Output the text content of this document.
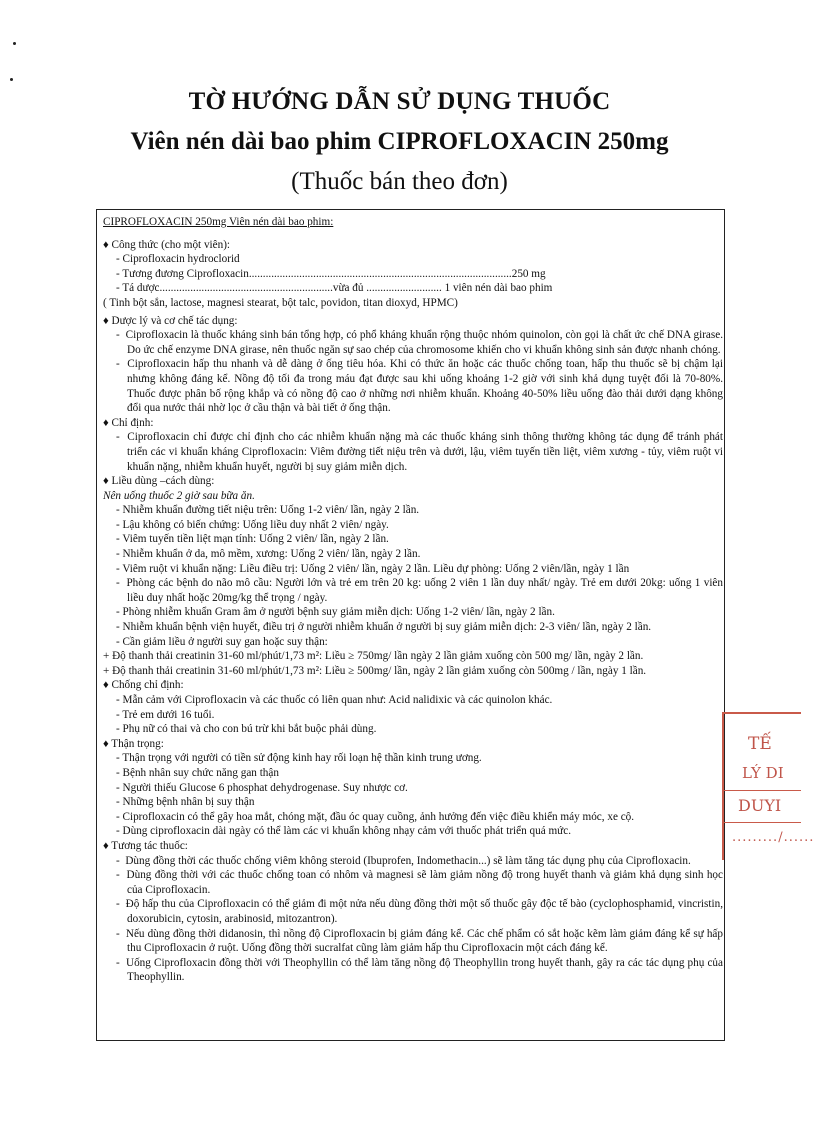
TỜ HƯỚNG DẪN SỬ DỤNG THUỐC
Viên nén dài bao phim CIPROFLOXACIN 250mg
(Thuốc bán theo đơn)

CIPROFLOXACIN 250mg Viên nén dài bao phim:

♦ Công thức (cho một viên):

- Ciprofloxacin hydroclorid

- Tương đương Ciprofloxacin..............................................................................................250 mg

- Tá dược..............................................................vừa đủ ........................... 1 viên nén dài bao phim

( Tinh bột sắn, lactose, magnesi stearat, bột talc, povidon, titan dioxyd, HPMC)

♦ Dược lý và cơ chế tác dụng:

-  Ciprofloxacin là thuốc kháng sinh bán tổng hợp, có phổ kháng khuẩn rộng thuộc nhóm quinolon, còn gọi là chất ức chế DNA girase. Do ức chế enzyme DNA girase, nên thuốc ngăn sự sao chép của chromosome khiến cho vi khuẩn không sinh sản được nhanh chóng.

-  Ciprofloxacin hấp thu nhanh và dễ dàng ở ống tiêu hóa. Khi có thức ăn hoặc các thuốc chống toan, hấp thu thuốc sẽ bị chậm lại nhưng không đáng kể. Nồng độ tối đa trong máu đạt được sau khi uống khoảng 1-2 giờ với sinh khả dụng tuyệt đối là 70-80%. Thuốc được phân bố rộng khắp và có nồng độ cao ở những nơi nhiễm khuẩn. Khoảng 40-50% liều uống đào thải dưới dạng không đổi qua nước thải nhờ lọc ở cầu thận và bài tiết ở ống thận.

♦ Chỉ định:

-  Ciprofloxacin chỉ được chỉ định cho các nhiễm khuẩn nặng mà các thuốc kháng sinh thông thường không tác dụng để tránh phát triển các vi khuẩn kháng Ciprofloxacin: Viêm đường tiết niệu trên và dưới, lậu, viêm tuyến tiền liệt, viêm xương - tủy, viêm ruột vi khuẩn nặng, nhiễm khuẩn huyết, người bị suy giảm miễn dịch.

♦ Liều dùng –cách dùng:

Nên uống thuốc 2 giờ sau bữa ăn.

- Nhiễm khuẩn đường tiết niệu trên: Uống 1-2 viên/ lần, ngày 2 lần.

- Lậu không có biến chứng: Uống liều duy nhất 2 viên/ ngày.

- Viêm tuyến tiền liệt mạn tính: Uống 2 viên/ lần, ngày 2 lần.

- Nhiễm khuẩn ở da, mô mềm, xương: Uống 2 viên/ lần, ngày 2 lần.

- Viêm ruột vi khuẩn nặng: Liều điều trị: Uống 2 viên/ lần, ngày 2 lần. Liều dự phòng: Uống 2 viên/lần, ngày 1 lần

-  Phòng các bệnh do não mô cầu: Người lớn và trẻ em trên 20 kg: uống 2 viên 1 lần duy nhất/ ngày. Trẻ em dưới 20kg: uống 1 viên liều duy nhất hoặc 20mg/kg thể trọng / ngày.

- Phòng nhiễm khuẩn Gram âm ở người bệnh suy giảm miễn dịch: Uống 1-2 viên/ lần, ngày 2 lần.

- Nhiễm khuẩn bệnh viện huyết, điều trị ở người nhiễm khuẩn ở người bị suy giảm miễn dịch: 2-3 viên/ lần, ngày 2 lần.

- Cần giảm liều ở người suy gan hoặc suy thận:

+ Độ thanh thải creatinin 31-60 ml/phút/1,73 m²: Liều ≥ 750mg/ lần ngày 2 lần giảm xuống còn 500 mg/ lần, ngày 2 lần.

+ Độ thanh thải creatinin 31-60 ml/phút/1,73 m²: Liều ≥ 500mg/ lần, ngày 2 lần giảm xuống còn 500mg / lần, ngày 1 lần.

♦ Chống chỉ định:

- Mẫn cảm với Ciprofloxacin và các thuốc có liên quan như: Acid nalidixic và các quinolon khác.

- Trẻ em dưới 16 tuổi.

- Phụ nữ có thai và cho con bú trừ khi bắt buộc phải dùng.

♦ Thận trọng:

- Thận trọng với người có tiền sử động kinh hay rối loạn hệ thần kinh trung ương.

- Bệnh nhân suy chức năng gan thận

- Người thiếu Glucose 6 phosphat dehydrogenase. Suy nhược cơ.

- Những bệnh nhân bị suy thận

- Ciprofloxacin có thể gây hoa mắt, chóng mặt, đầu óc quay cuồng, ảnh hưởng đến việc điều khiển máy móc, xe cộ.

- Dùng ciprofloxacin dài ngày có thể làm các vi khuẩn không nhạy cảm với thuốc phát triển quá mức.

♦ Tương tác thuốc:

-  Dùng đồng thời các thuốc chống viêm không steroid (Ibuprofen, Indomethacin...) sẽ làm tăng tác dụng phụ của Ciprofloxacin.

-  Dùng đồng thời với các thuốc chống toan có nhôm và magnesi sẽ làm giảm nồng độ trong huyết thanh và giảm khả dụng sinh học của Ciprofloxacin.

-  Độ hấp thu của Ciprofloxacin có thể giảm đi một nửa nếu dùng đồng thời một số thuốc gây độc tế bào (cyclophosphamid, vincristin, doxorubicin, cytosin, arabinosid, mitozantron).

-  Nếu dùng đồng thời didanosin, thì nồng độ Ciprofloxacin bị giảm đáng kể. Các chế phẩm có sắt hoặc kẽm làm giảm đáng kể sự hấp thu Ciprofloxacin ở ruột. Uống đồng thời sucralfat cũng làm giảm hấp thu Ciprofloxacin một cách đáng kể.

-  Uống Ciprofloxacin đồng thời với Theophyllin có thể làm tăng nồng độ Theophyllin trong huyết thanh, gây ra các tác dụng phụ của Theophyllin.

TẾ
LÝ DI
DUYI
........./......
